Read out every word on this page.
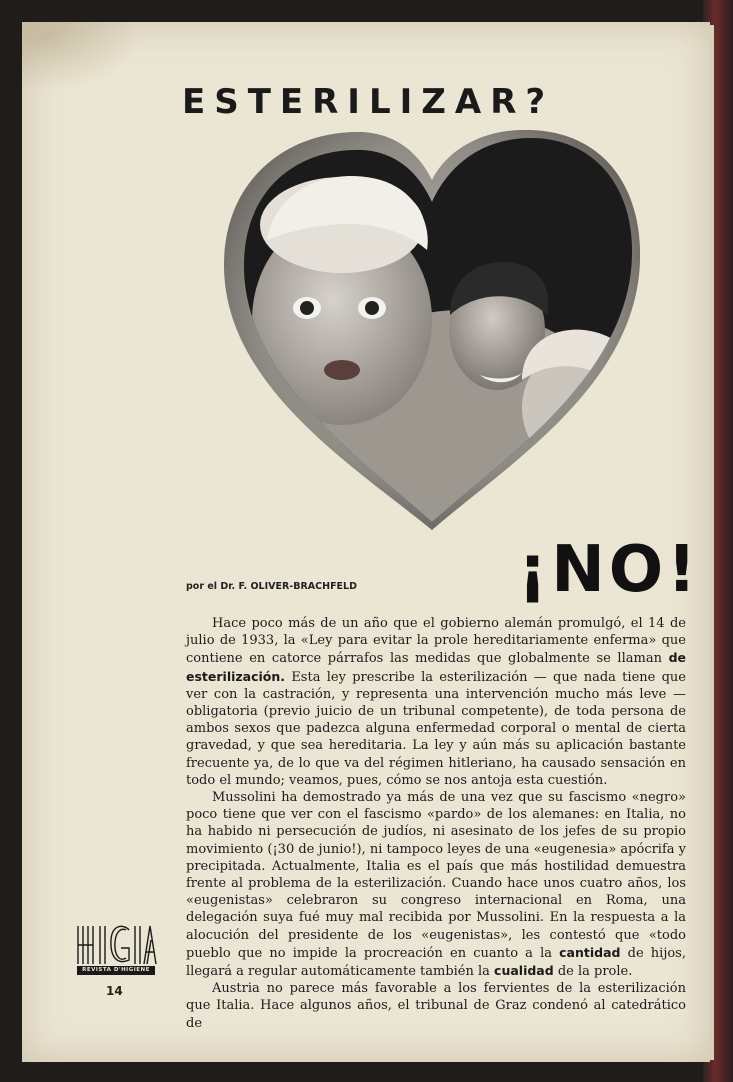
ESTERILIZAR?
por el Dr. F. OLIVER-BRACHFELD	¡NO!

Hace poco más de un año que el gobierno alemán promulgó, el 14 de julio de 1933, la «Ley para evitar la prole hereditariamente enferma» que contiene en catorce párrafos las medidas que globalmente se llaman de esterilización. Esta ley prescribe la esterilización — que nada tiene que ver con la castración, y representa una intervención mucho más leve — obligatoria (previo juicio de un tribunal competente), de toda persona de ambos sexos que padezca alguna enfermedad corporal o mental de cierta gravedad, y que sea hereditaria. La ley y aún más su aplicación bastante frecuente ya, de lo que va del régimen hitleriano, ha causado sensación en todo el mundo; veamos, pues, cómo se nos antoja esta cuestión.

Mussolini ha demostrado ya más de una vez que su fascismo «negro» poco tiene que ver con el fascismo «pardo» de los alemanes: en Italia, no ha habido ni persecución de judíos, ni asesinato de los jefes de su propio movimiento (¡30 de junio!), ni tampoco leyes de una «eugenesia» apócrifa y precipitada. Actualmente, Italia es el país que más hostilidad demuestra frente al problema de la esterilización. Cuando hace unos cuatro años, los «eugenistas» celebraron su congreso internacional en Roma, una delegación suya fué muy mal recibida por Mussolini. En la respuesta a la alocución del presidente de los «eugenistas», les contestó que «todo pueblo que no impide la procreación en cuanto a la cantidad de hijos, llegará a regular automáticamente también la cualidad de la prole.

Austria no parece más favorable a los fervientes de la esterilización que Italia. Hace algunos años, el tribunal de Graz condenó al catedrático de

REVISTA D'HIGIENE
14
